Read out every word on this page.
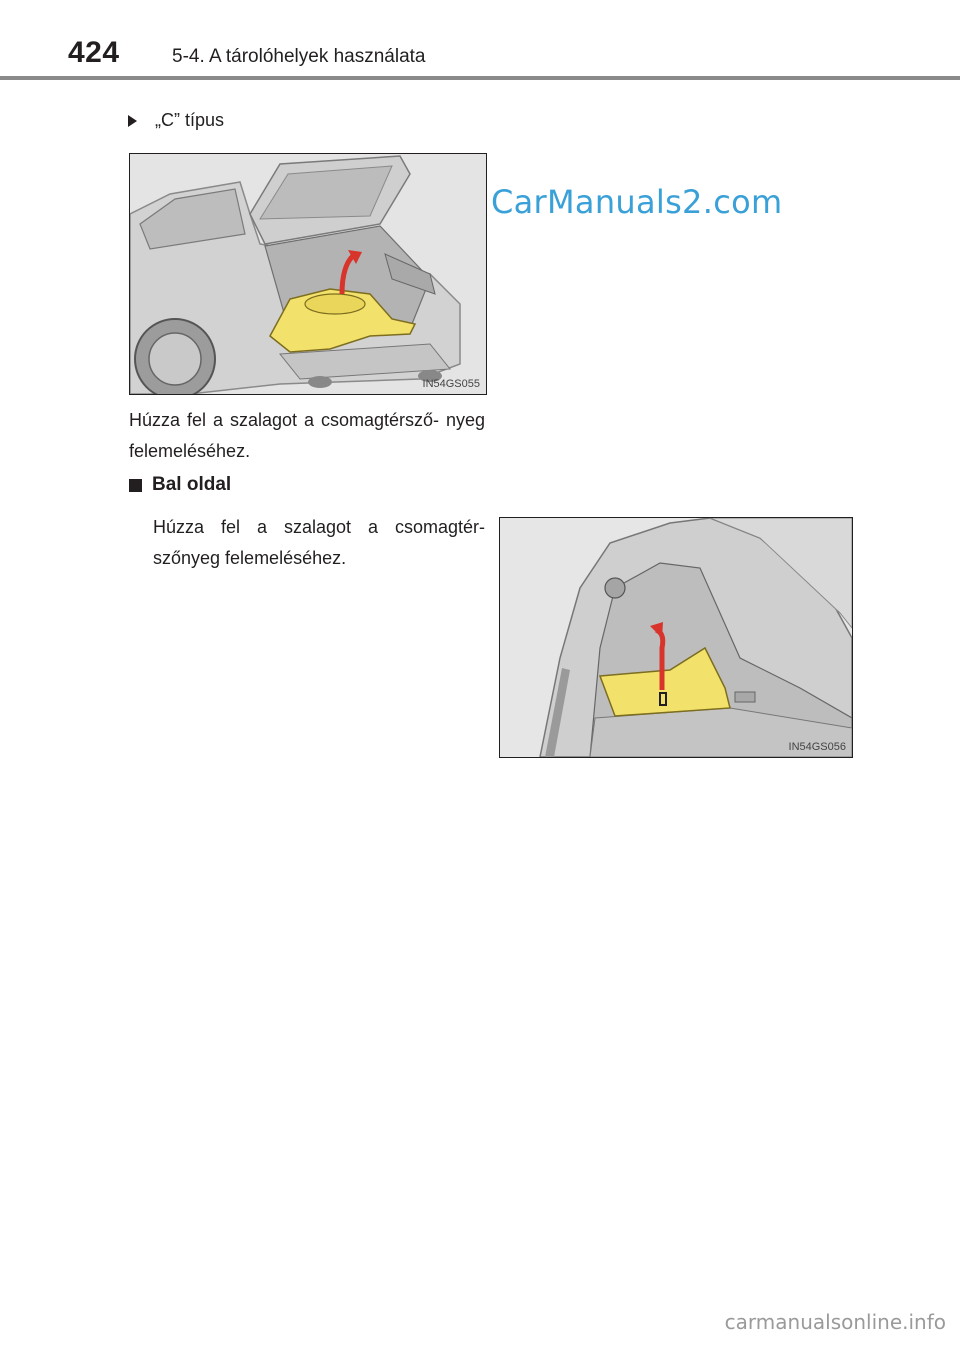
424	5-4. A tárolóhelyek használata
„C” típus
IN54GS055
CarManuals2.com
Húzza fel a szalagot a csomagtérsző- nyeg felemeléséhez.
Bal oldal
Húzza fel a szalagot a csomagtér- szőnyeg felemeléséhez.
IN54GS056
carmanualsonline.info
